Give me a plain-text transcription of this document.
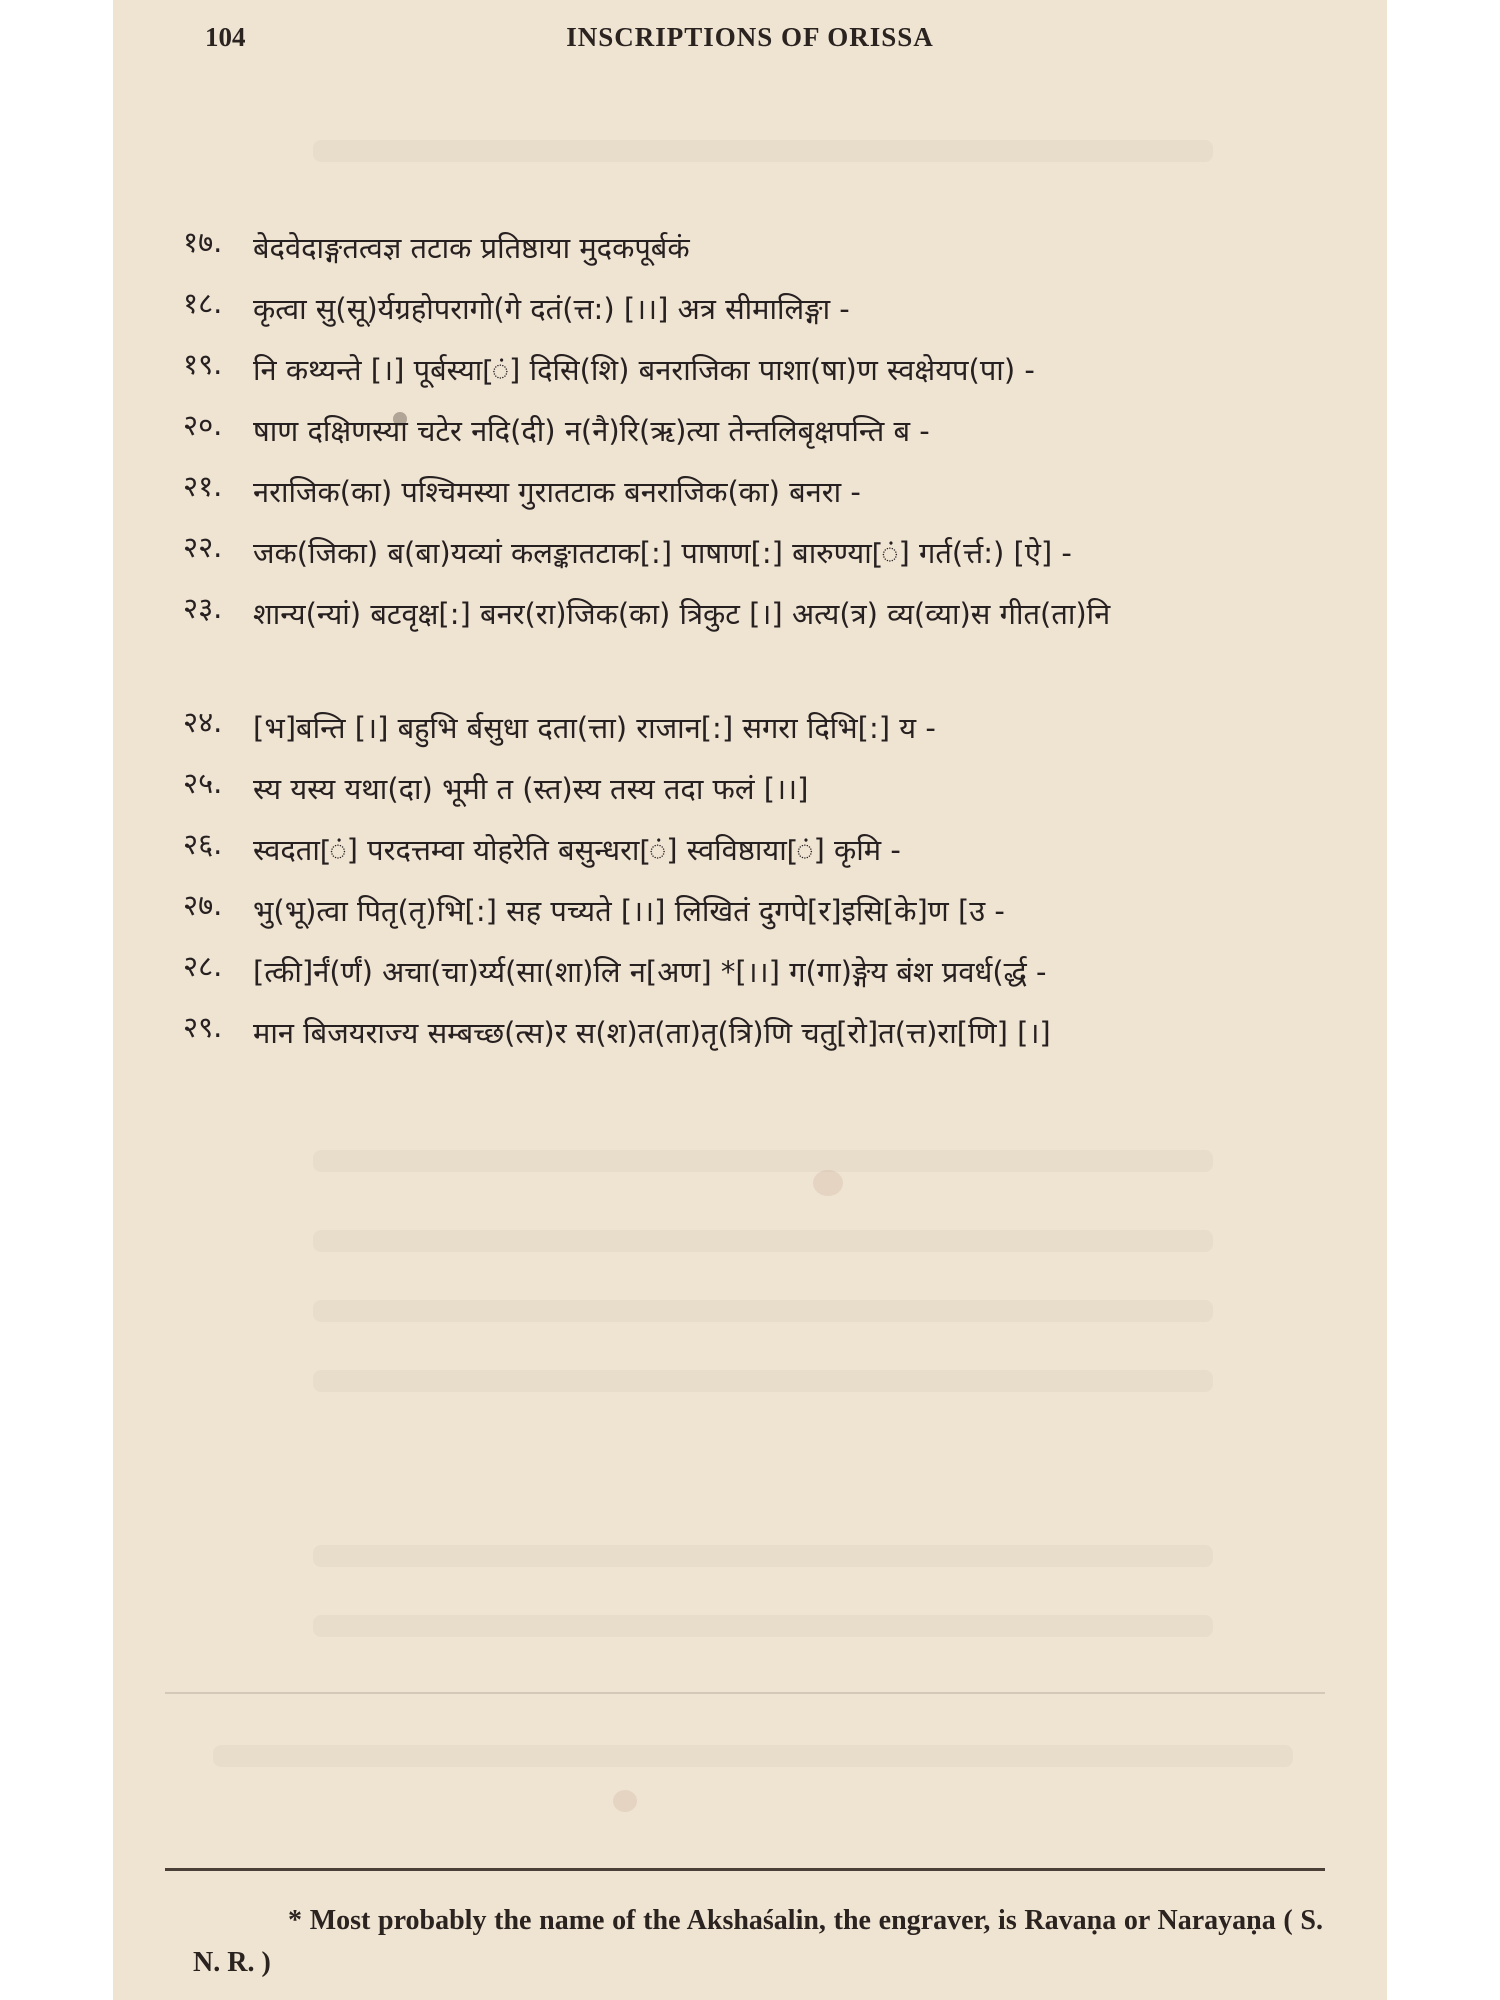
104	INSCRIPTIONS OF ORISSA
१७.	बेदवेदाङ्गतत्वज्ञ तटाक प्रतिष्ठाया मुदकपूर्बकं
१८.	कृत्वा सु(सू)र्यग्रहोपरागो(गे दतं(त्त:) [।।] अत्र सीमालिङ्गा -
१९.	नि कथ्यन्ते [।] पूर्बस्या[ं] दिसि(शि) बनराजिका पाशा(षा)ण स्वक्षेयप(पा) -
२०.	षाण दक्षिणस्या चटेर नदि(दी) न(नै)रि(ऋ)त्या तेन्तलिबृक्षपन्ति ब -
२१.	नराजिक(का) पश्चिमस्या गुरातटाक बनराजिक(का) बनरा -
२२.	जक(जिका) ब(बा)यव्यां कलङ्कातटाक[:] पाषाण[:] बारुण्या[ं] गर्त(र्त्त:) [ऐ] -
२३.	शान्य(न्यां) बटवृक्ष[:] बनर(रा)जिक(का) त्रिकुट [।] अत्य(त्र) व्य(व्या)स गीत(ता)नि
२४.	[भ]बन्ति [।] बहुभि र्बसुधा दता(त्ता) राजान[:] सगरा दिभि[:] य -
२५.	स्य यस्य यथा(दा) भूमी त (स्त)स्य तस्य तदा फलं [।।]
२६.	स्वदता[ं] परदत्तम्वा योहरेति बसुन्धरा[ं] स्वविष्ठाया[ं] कृमि -
२७.	भु(भू)त्वा पितृ(तृ)भि[:] सह पच्यते [।।] लिखितं दुगपे[र]इसि[के]ण [उ -
२८.	[त्की]र्नं(र्णं) अचा(चा)र्य्य(सा(शा)लि न[अण] *[।।] ग(गा)ङ्गेय बंश प्रवर्ध(र्द्ध -
२९.	मान बिजयराज्य सम्बच्छ(त्स)र स(श)त(ता)तृ(त्रि)णि चतु[रो]त(त्त)रा[णि] [।]
* Most probably the name of the Akshaśalin, the engraver, is Ravaṇa or Narayaṇa ( S. N. R. )
